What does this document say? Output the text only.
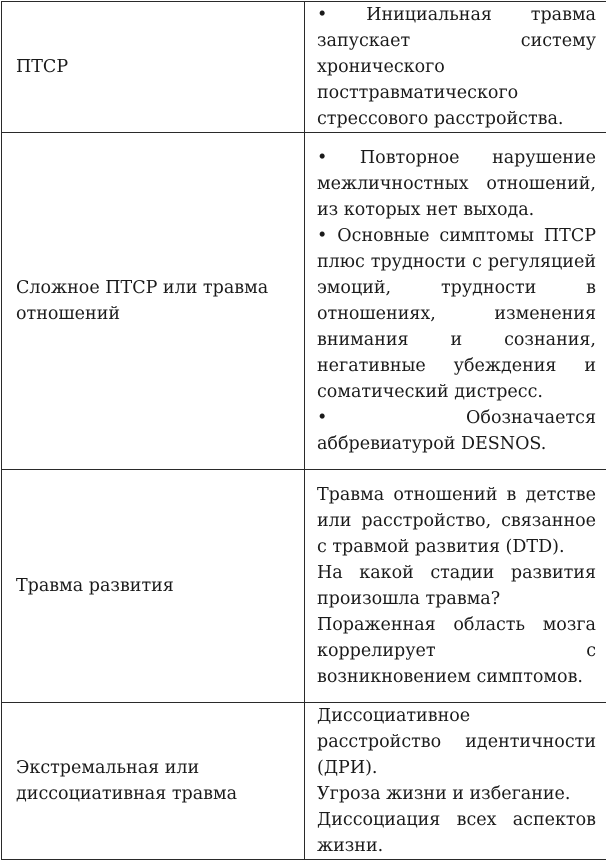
ПТСР	• Инициальная травма запускает систему хронического посттравматического стрессового расстройства.

Сложное ПТСР или травма отношений	• Повторное нарушение межличностных отношений, из которых нет выхода.
• Основные симптомы ПТСР плюс трудности с регуляцией эмоций, трудности в отношениях, изменения внимания и сознания, негативные убеждения и соматический дистресс.
• Обозначается аббревиатурой DESNOS.

Травма развития	Травма отношений в детстве или расстройство, связанное с травмой развития (DTD).
На какой стадии развития произошла травма?
Пораженная область мозга коррелирует с возникновением симптомов.

Экстремальная или диссоциативная травма	Диссоциативное расстройство идентичности (ДРИ).
Угроза жизни и избегание.
Диссоциация всех аспектов жизни.
